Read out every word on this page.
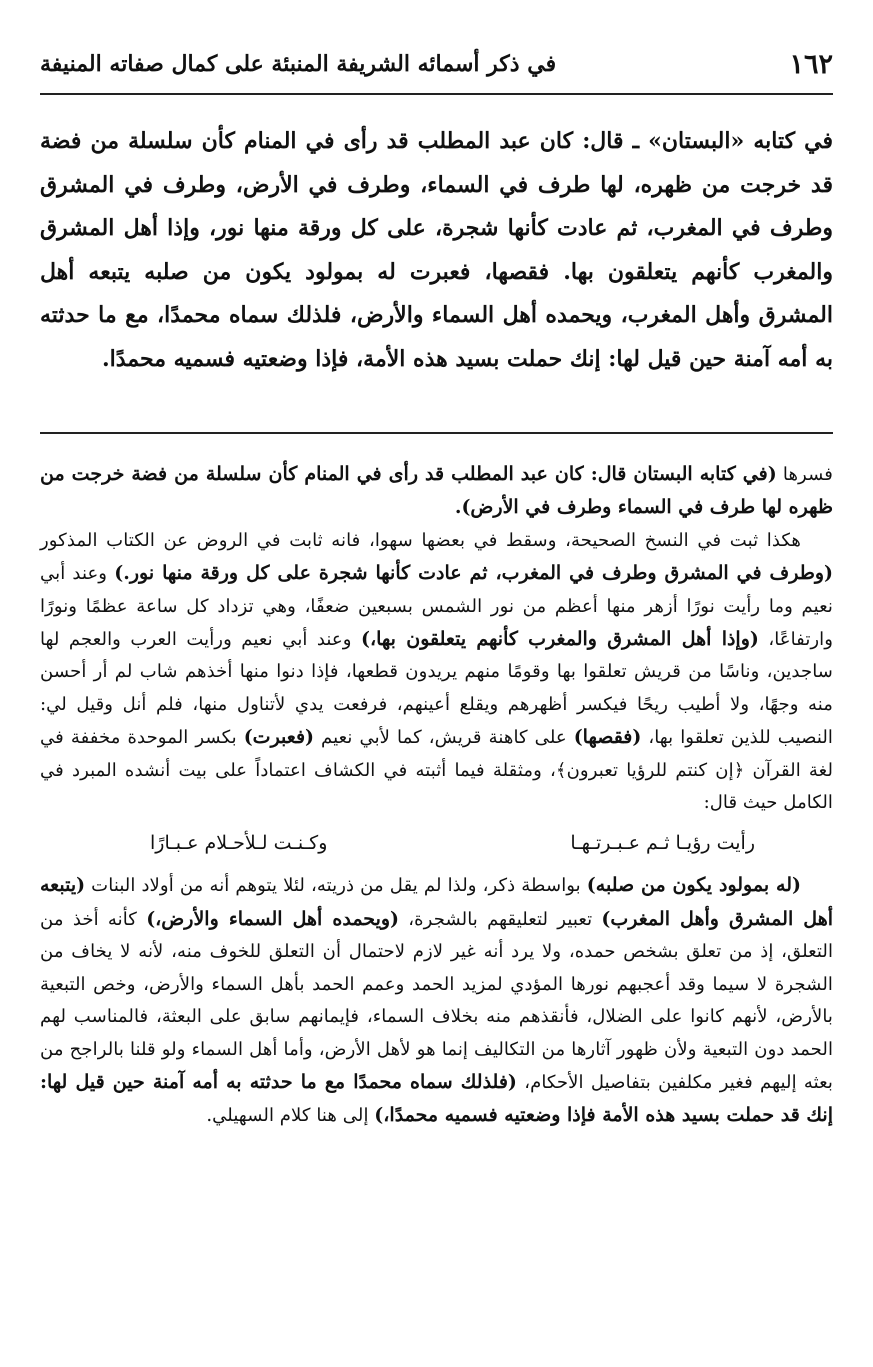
١٦٢
في ذكر أسمائه الشريفة المنبئة على كمال صفاته المنيفة

في كتابه «البستان» ـ قال: كان عبد المطلب قد رأى في المنام كأن سلسلة من فضة قد خرجت من ظهره، لها طرف في السماء، وطرف في الأرض، وطرف في المشرق وطرف في المغرب، ثم عادت كأنها شجرة، على كل ورقة منها نور، وإذا أهل المشرق والمغرب كأنهم يتعلقون بها. فقصها، فعبرت له بمولود يكون من صلبه يتبعه أهل المشرق وأهل المغرب، ويحمده أهل السماء والأرض، فلذلك سماه محمدًا، مع ما حدثته به أمه آمنة حين قيل لها: إنك حملت بسيد هذه الأمة، فإذا وضعتيه فسميه محمدًا.

فسرها (في كتابه البستان قال: كان عبد المطلب قد رأى في المنام كأن سلسلة من فضة خرجت من ظهره لها طرف في السماء وطرف في الأرض).

هكذا ثبت في النسخ الصحيحة، وسقط في بعضها سهوا، فانه ثابت في الروض عن الكتاب المذكور (وطرف في المشرق وطرف في المغرب، ثم عادت كأنها شجرة على كل ورقة منها نور.) وعند أبي نعيم وما رأيت نورًا أزهر منها أعظم من نور الشمس بسبعين ضعفًا، وهي تزداد كل ساعة عظمًا ونورًا وارتفاعًا، (وإذا أهل المشرق والمغرب كأنهم يتعلقون بها،) وعند أبي نعيم ورأيت العرب والعجم لها ساجدين، وناسًا من قريش تعلقوا بها وقومًا منهم يريدون قطعها، فإذا دنوا منها أخذهم شاب لم أر أحسن منه وجهًا، ولا أطيب ريحًا فيكسر أظهرهم ويقلع أعينهم، فرفعت يدي لأتناول منها، فلم أنل وقيل لي: النصيب للذين تعلقوا بها، (فقصها) على كاهنة قريش، كما لأبي نعيم (فعبرت) بكسر الموحدة مخففة في لغة القرآن ﴿إن كنتم للرؤيا تعبرون﴾، ومثقلة فيما أثبته في الكشاف اعتماداً على بيت أنشده المبرد في الكامل حيث قال:

رأيت رؤيـا ثـم عـبـرتـهـا
وكـنـت لـلأحـلام عـبـارًا

(له بمولود يكون من صلبه) بواسطة ذكر، ولذا لم يقل من ذريته، لئلا يتوهم أنه من أولاد البنات (يتبعه أهل المشرق وأهل المغرب) تعبير لتعليقهم بالشجرة، (ويحمده أهل السماء والأرض،) كأنه أخذ من التعلق، إذ من تعلق بشخص حمده، ولا يرد أنه غير لازم لاحتمال أن التعلق للخوف منه، لأنه لا يخاف من الشجرة لا سيما وقد أعجبهم نورها المؤدي لمزيد الحمد وعمم الحمد بأهل السماء والأرض، وخص التبعية بالأرض، لأنهم كانوا على الضلال، فأنقذهم منه بخلاف السماء، فإيمانهم سابق على البعثة، فالمناسب لهم الحمد دون التبعية ولأن ظهور آثارها من التكاليف إنما هو لأهل الأرض، وأما أهل السماء ولو قلنا بالراجح من بعثه إليهم فغير مكلفين بتفاصيل الأحكام، (فلذلك سماه محمدًا مع ما حدثته به أمه آمنة حين قيل لها: إنك قد حملت بسيد هذه الأمة فإذا وضعتيه فسميه محمدًا،) إلى هنا كلام السهيلي.
